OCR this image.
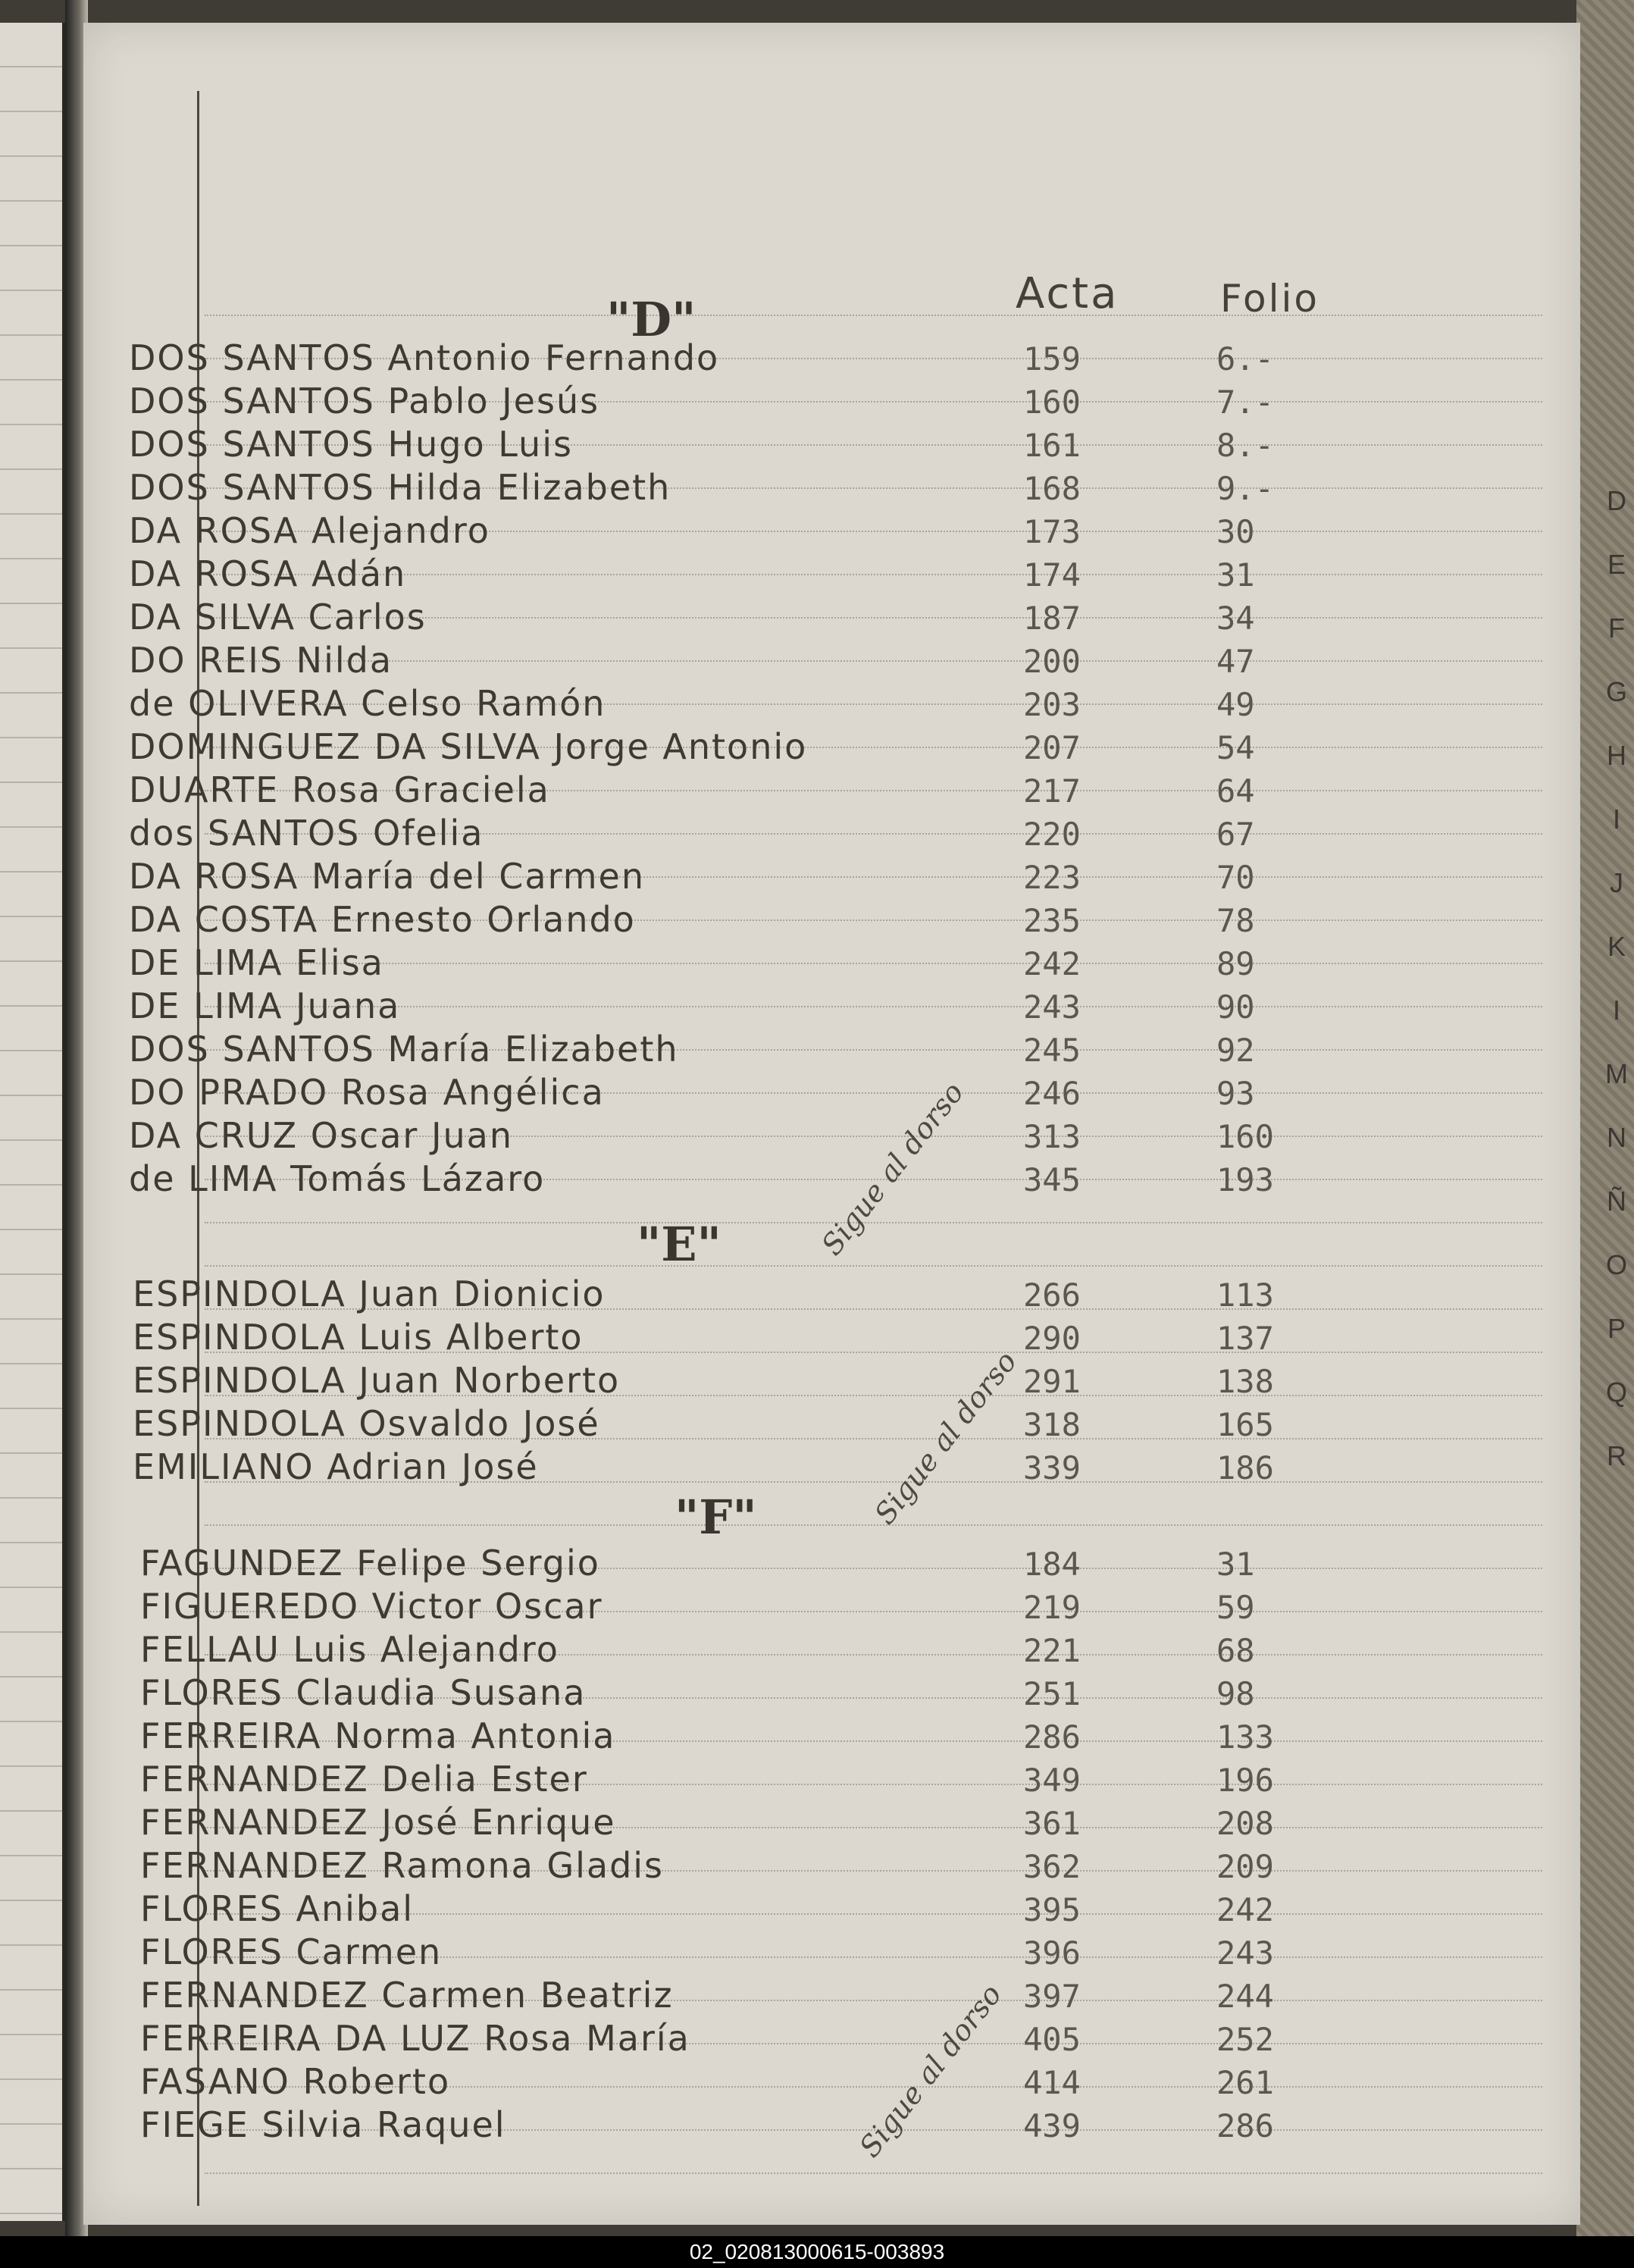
Acta	Folio
"D"
DOS SANTOS Antonio Fernando	159	6.-
DOS SANTOS Pablo Jesús	160	7.-
DOS SANTOS Hugo Luis	161	8.-
DOS SANTOS Hilda Elizabeth	168	9.-
DA ROSA Alejandro	173	30
DA ROSA Adán	174	31
DA SILVA Carlos	187	34
DO REIS Nilda	200	47
de OLIVERA Celso Ramón	203	49
DOMINGUEZ DA SILVA Jorge Antonio	207	54
DUARTE Rosa Graciela	217	64
dos SANTOS Ofelia	220	67
DA ROSA María del Carmen	223	70
DA COSTA Ernesto Orlando	235	78
DE LIMA Elisa	242	89
DE LIMA Juana	243	90
DOS SANTOS María Elizabeth	245	92
DO PRADO Rosa Angélica	246	93
DA CRUZ Oscar Juan	313	160
de LIMA Tomás Lázaro	345	193
Sigue al dorso
"E"
ESPINDOLA Juan Dionicio	266	113
ESPINDOLA Luis Alberto	290	137
ESPINDOLA Juan Norberto	291	138
ESPINDOLA Osvaldo José	318	165
EMILIANO Adrian José	339	186
Sigue al dorso
"F"
FAGUNDEZ Felipe Sergio	184	31
FIGUEREDO Victor Oscar	219	59
FELLAU Luis Alejandro	221	68
FLORES Claudia Susana	251	98
FERREIRA Norma Antonia	286	133
FERNANDEZ Delia Ester	349	196
FERNANDEZ José Enrique	361	208
FERNANDEZ Ramona Gladis	362	209
FLORES Anibal	395	242
FLORES Carmen	396	243
FERNANDEZ Carmen Beatriz	397	244
FERREIRA DA LUZ Rosa María	405	252
FASANO Roberto	414	261
FIEGE Silvia Raquel	439	286
Sigue al dorso
D
E
F
G
H
I
J
K
I
M
N
Ñ
O
P
Q
R
02_020813000615-003893
